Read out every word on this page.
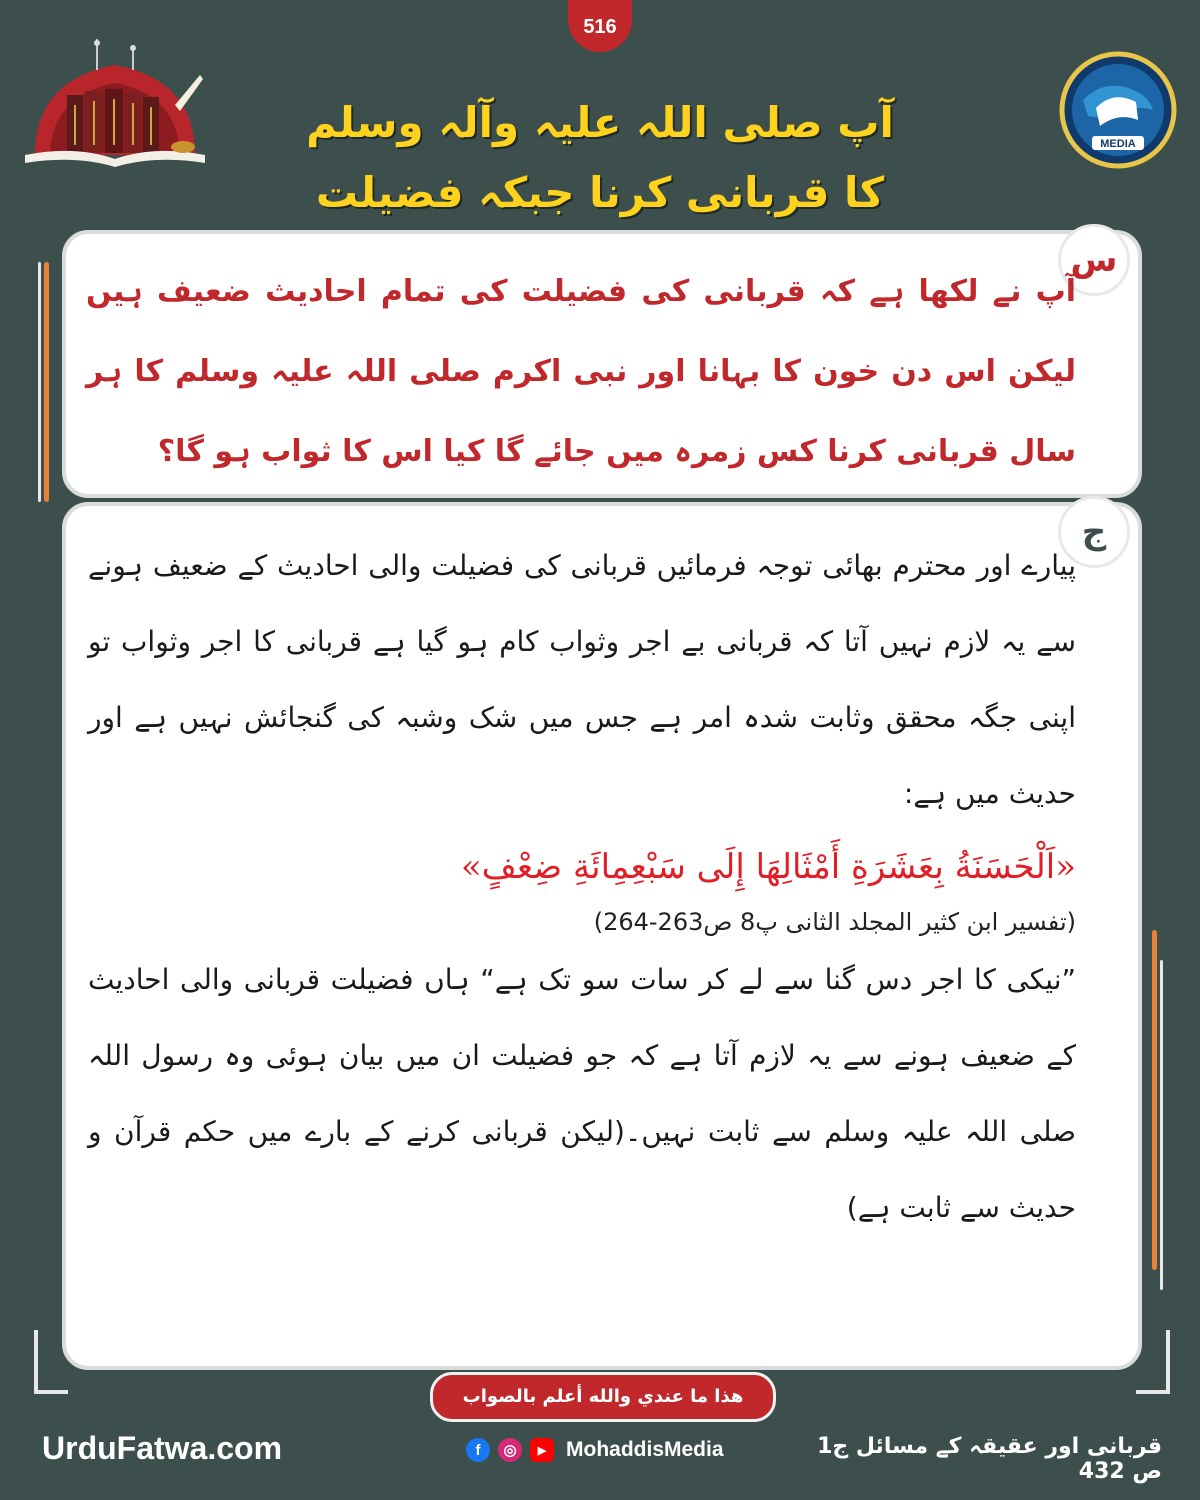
516
MEDIA
آپ صلی اللہ علیہ وآلہ وسلم کا قربانی کرنا جبکہ فضیلت
س
آپ نے لکھا ہے کہ قربانی کی فضیلت کی تمام احادیث ضعیف ہیں لیکن اس دن خون کا بہانا اور نبی اکرم صلی اللہ علیہ وسلم کا ہر سال قربانی کرنا کس زمرہ میں جائے گا کیا اس کا ثواب ہو گا؟
ج

پیارے اور محترم بھائی توجہ فرمائیں قربانی کی فضیلت والی احادیث کے ضعیف ہونے سے یہ لازم نہیں آتا کہ قربانی بے اجر وثواب کام ہو گیا ہے قربانی کا اجر وثواب تو اپنی جگہ محقق وثابت شدہ امر ہے جس میں شک وشبہ کی گنجائش نہیں ہے اور حدیث میں ہے:

«اَلْحَسَنَةُ بِعَشَرَةِ أَمْثَالِهَا إِلَى سَبْعِمِائَةِ ضِعْفٍ»

(تفسیر ابن کثیر المجلد الثانی پ8 ص263-264)

”نیکی کا اجر دس گنا سے لے کر سات سو تک ہے“ ہاں فضیلت قربانی والی احادیث کے ضعیف ہونے سے یہ لازم آتا ہے کہ جو فضیلت ان میں بیان ہوئی وہ رسول اللہ صلی اللہ علیہ وسلم سے ثابت نہیں۔(لیکن قربانی کرنے کے بارے میں حکم قرآن و حدیث سے ثابت ہے)

هذا ما عندي والله أعلم بالصواب
UrduFatwa.com	f	◎	▶ MohaddisMedia	قربانی اور عقیقہ کے مسائل ج1 ص 432
